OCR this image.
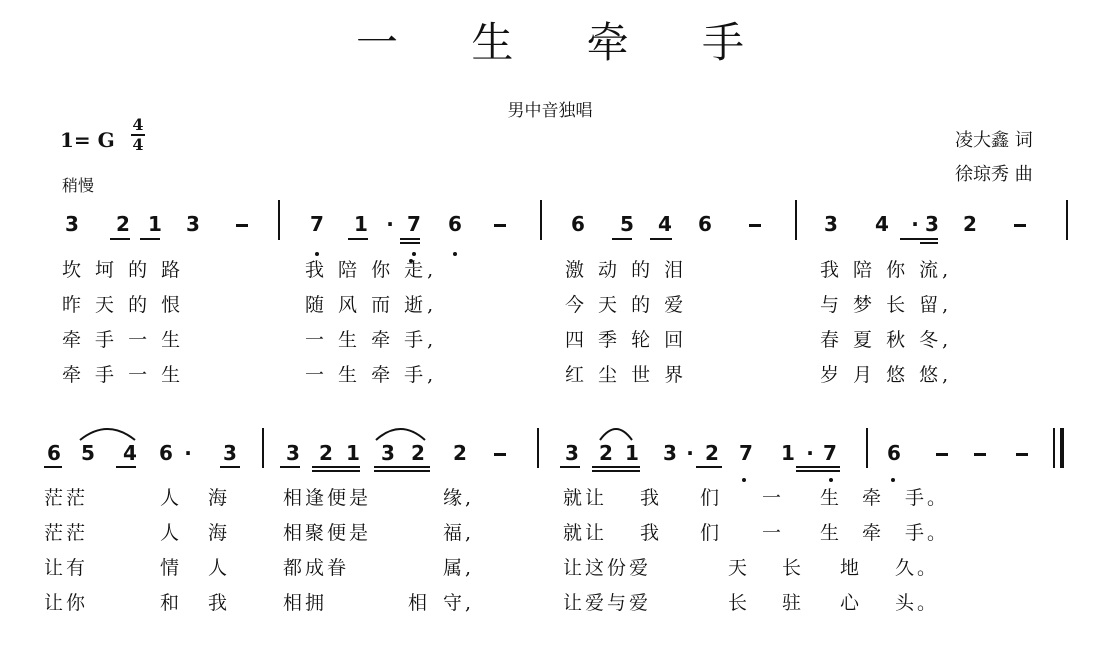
一 生 牵 手
男中音独唱
1= G
4
4
稍慢
凌大鑫 词
徐琼秀 曲
3 2 1 3	7 1 · 7 6	6 5 4 6	3 4	· 3 2
坎 坷 的 路	我 陪 你 走,	激 动 的 泪	我 陪 你 流,
昨 天 的 恨	随 风 而 逝,	今 天 的 爱	与 梦 长 留,
牵 手 一 生	一 生 牵 手,	四 季 轮 回	春 夏 秋 冬,
牵 手 一 生	一 生 牵 手,	红 尘 世 界	岁 月 悠 悠,
6 5 4 6 ·	3 3 2 1 3 2 2	3 2 1 3 · 2 7 1 · 7	6
茫茫	人 海	相逢便是	缘,	就让 我 们 一 生 牵 手。
茫茫	人 海	相聚便是	福,	就让 我 们 一 生 牵 手。
让有	情 人	都成眷	属,	让这份爱	天 长 地 久。
让你	和 我	相拥	相 守,	让爱与爱	长 驻 心 头。
